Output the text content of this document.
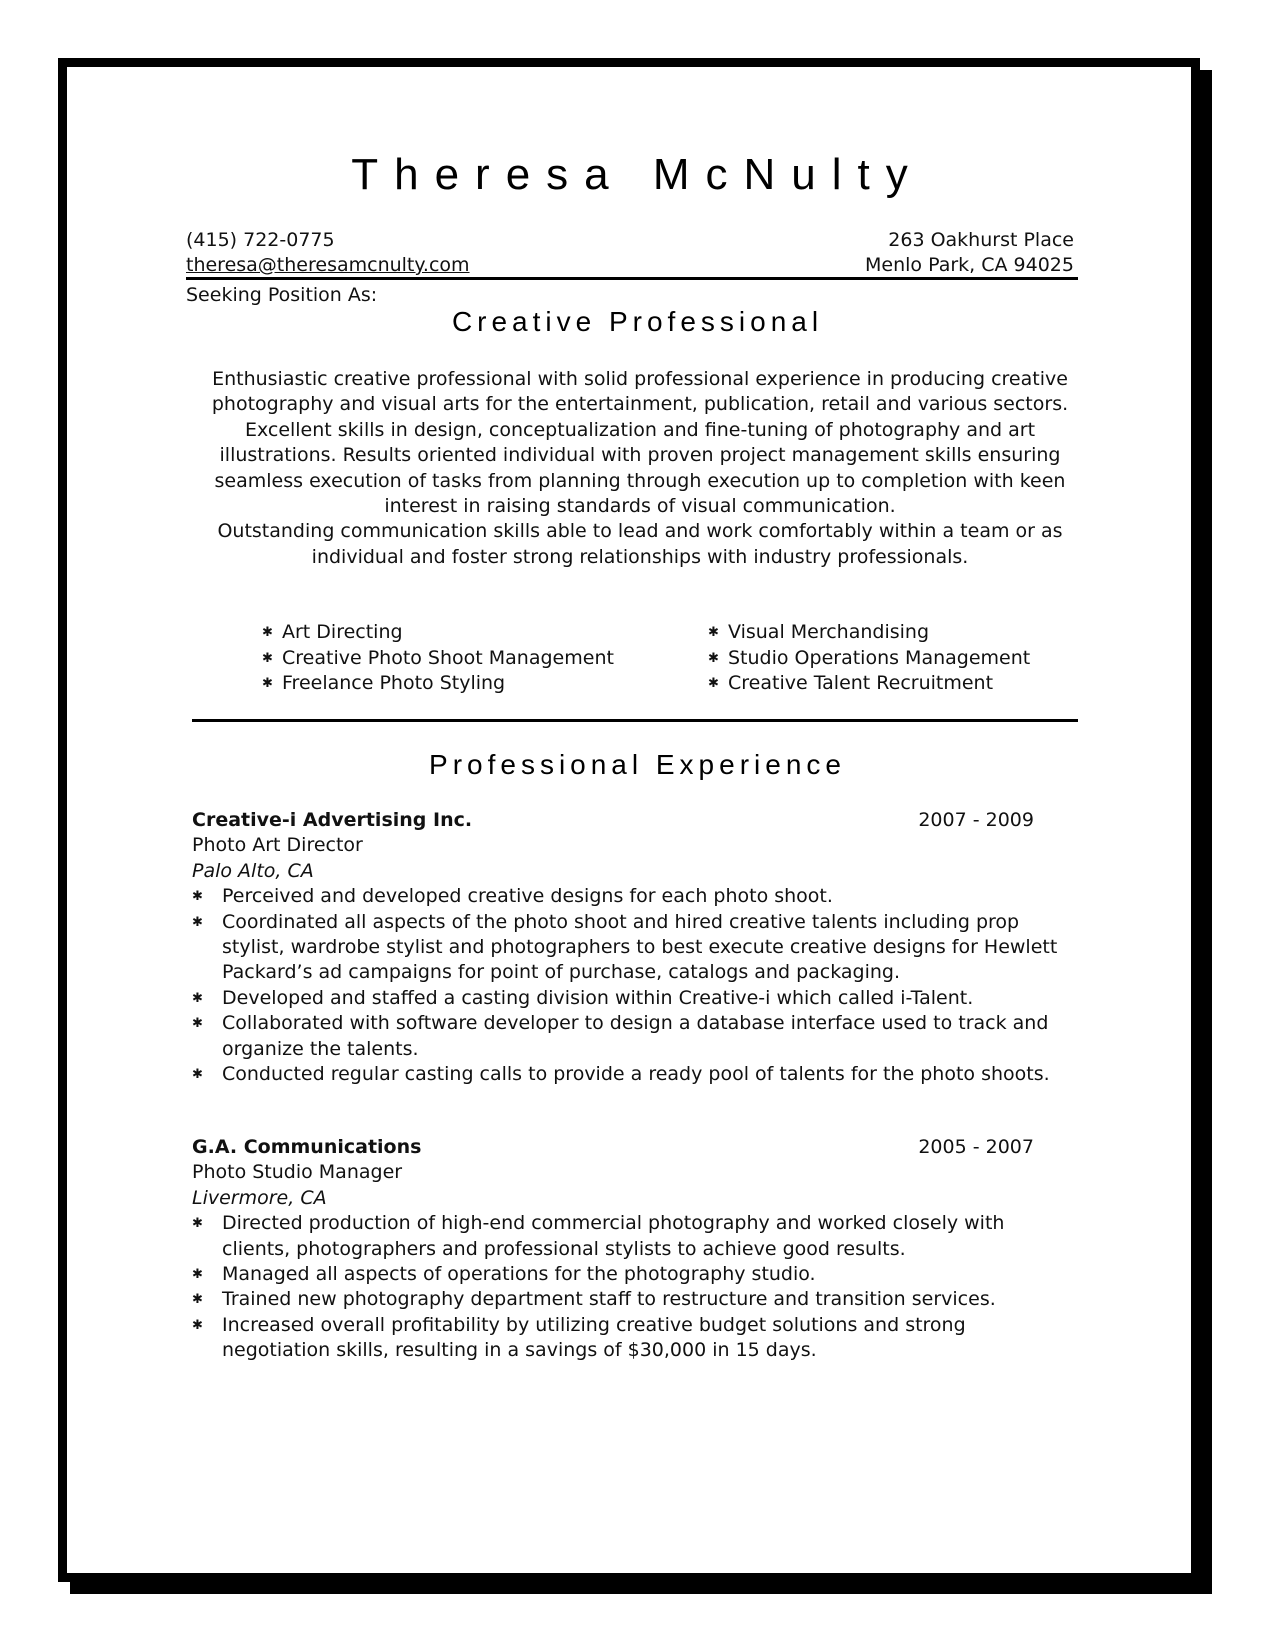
Theresa McNulty
(415) 722-0775
theresa@theresamcnulty.com
263 Oakhurst Place
Menlo Park, CA 94025
Seeking Position As:
Creative Professional

Enthusiastic creative professional with solid professional experience in producing creative photography and visual arts for the entertainment, publication, retail and various sectors. Excellent skills in design, conceptualization and fine-tuning of photography and art illustrations. Results oriented individual with proven project management skills ensuring seamless execution of tasks from planning through execution up to completion with keen interest in raising standards of visual communication.

Outstanding communication skills able to lead and work comfortably within a team or as individual and foster strong relationships with industry professionals.

✱ Art Directing
✱ Creative Photo Shoot Management
✱ Freelance Photo Styling
✱ Visual Merchandising
✱ Studio Operations Management
✱ Creative Talent Recruitment
Professional Experience
Creative-i Advertising Inc.	2007 - 2009
Photo Art Director
Palo Alto, CA
✱	Perceived and developed creative designs for each photo shoot.
✱	Coordinated all aspects of the photo shoot and hired creative talents including prop stylist, wardrobe stylist and photographers to best execute creative designs for Hewlett Packard’s ad campaigns for point of purchase, catalogs and packaging.
✱	Developed and staffed a casting division within Creative-i which called i-Talent.
✱	Collaborated with software developer to design a database interface used to track and organize the talents.
✱	Conducted regular casting calls to provide a ready pool of talents for the photo shoots.
G.A. Communications	2005 - 2007
Photo Studio Manager
Livermore, CA
✱	Directed production of high-end commercial photography and worked closely with clients, photographers and professional stylists to achieve good results.
✱	Managed all aspects of operations for the photography studio.
✱	Trained new photography department staff to restructure and transition services.
✱	Increased overall profitability by utilizing creative budget solutions and strong negotiation skills, resulting in a savings of $30,000 in 15 days.
